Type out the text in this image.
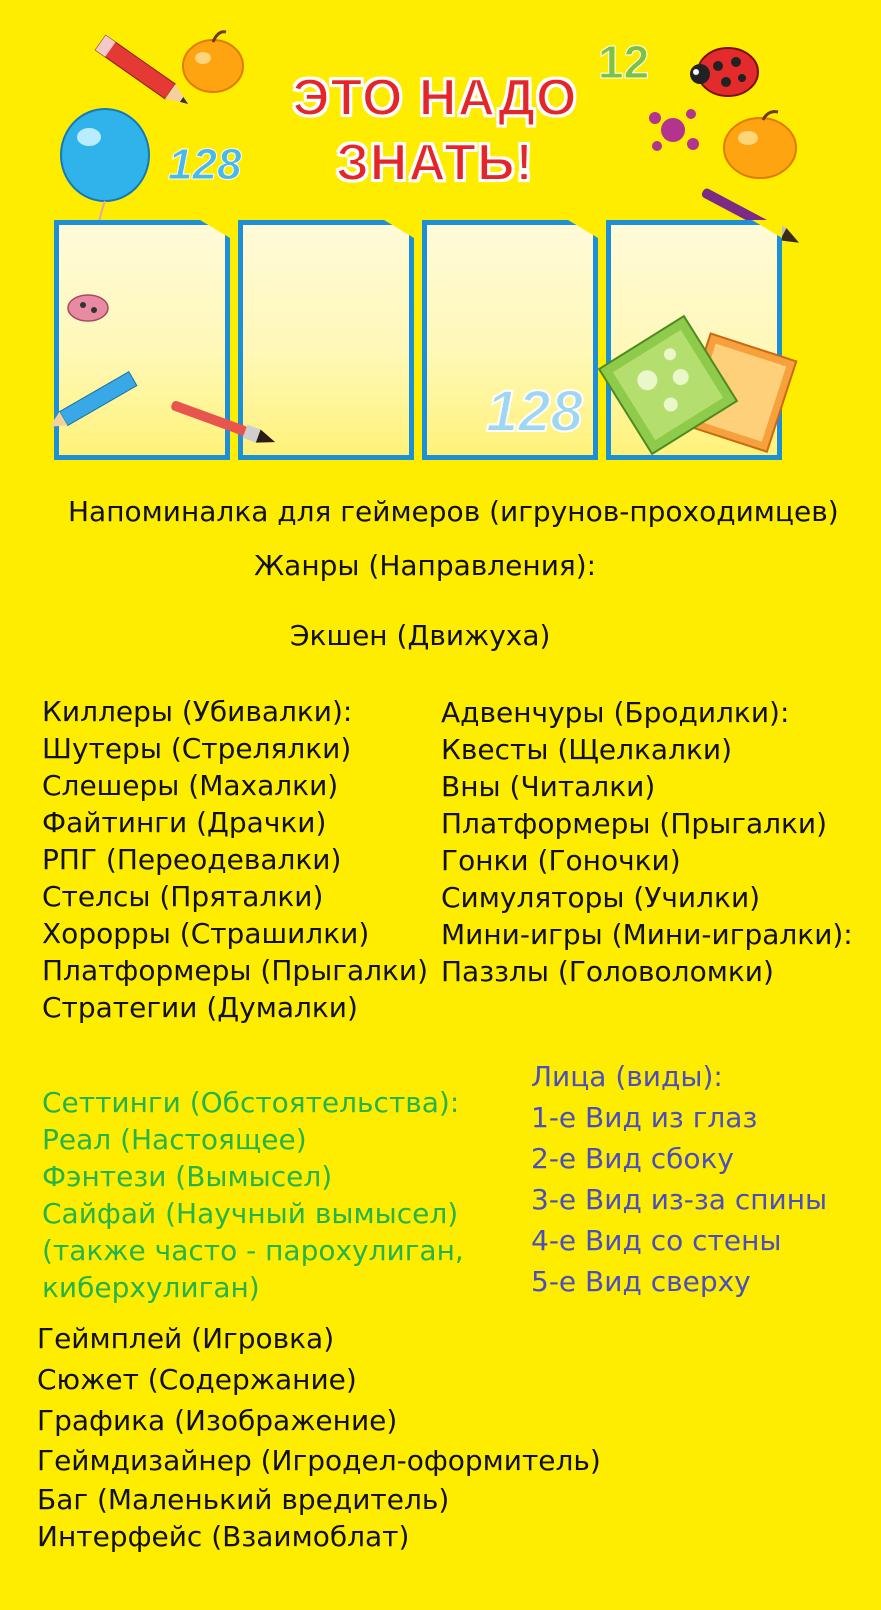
128
ЭТО НАДО
ЗНАТЬ!
12
128
Напоминалка для геймеров (игрунов-проходимцев)
Жанры (Направления):
Экшен (Движуха)
Киллеры (Убивалки):
Шутеры (Стрелялки)
Слешеры (Махалки)
Файтинги (Драчки)
РПГ (Переодевалки)
Стелсы (Пряталки)
Хорорры (Страшилки)
Платформеры (Прыгалки)
Стратегии (Думалки)
Адвенчуры (Бродилки):
Квесты (Щелкалки)
Вны (Читалки)
Платформеры (Прыгалки)
Гонки (Гоночки)
Симуляторы (Училки)
Мини-игры (Мини-игралки):
Паззлы (Головоломки)
Сеттинги (Обстоятельства):
Реал (Настоящее)
Фэнтези (Вымысел)
Сайфай (Научный вымысел)
(также часто - парохулиган,
киберхулиган)
Лица (виды):
1-е Вид из глаз
2-е Вид сбоку
3-е Вид из-за спины
4-е Вид со стены
5-е Вид сверху
Геймплей (Игровка)
Сюжет (Содержание)
Графика (Изображение)
Геймдизайнер (Игродел-оформитель)
Баг (Маленький вредитель)
Интерфейс (Взаимоблат)
